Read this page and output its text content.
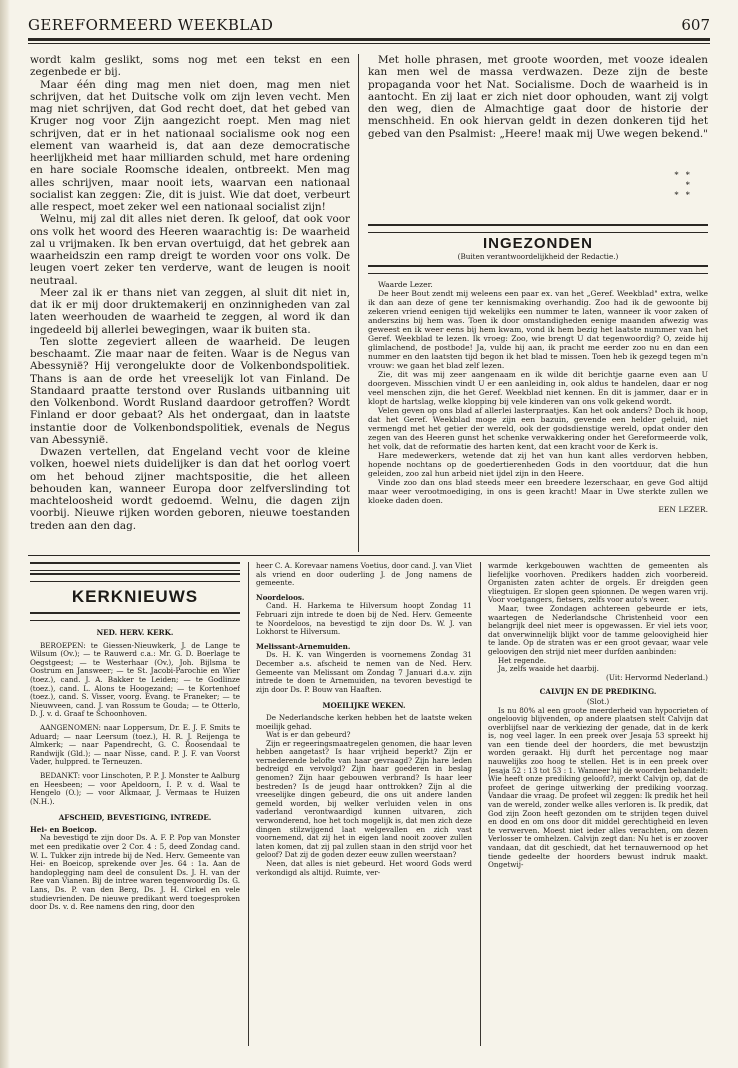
GEREFORMEERD WEEKBLAD	607

wordt kalm geslikt, soms nog met een tekst en een zegenbede er bij.

Maar één ding mag men niet doen, mag men niet schrijven, dat het Duitsche volk om zijn leven vecht. Men mag niet schrijven, dat God recht doet, dat het gebed van Kruger nog voor Zijn aangezicht roept. Men mag niet schrijven, dat er in het nationaal socialisme ook nog een element van waarheid is, dat aan deze democratische heerlijkheid met haar milliarden schuld, met hare ordening en hare sociale Roomsche idealen, ontbreekt. Men mag alles schrijven, maar nooit iets, waarvan een nationaal socialist kan zeggen: Zie, dit is juist. Wie dat doet, verbeurt alle respect, moet zeker wel een nationaal socialist zijn!

Welnu, mij zal dit alles niet deren. Ik geloof, dat ook voor ons volk het woord des Heeren waarachtig is: De waarheid zal u vrijmaken. Ik ben ervan overtuigd, dat het gebrek aan waarheidszin een ramp dreigt te worden voor ons volk. De leugen voert zeker ten verderve, want de leugen is nooit neutraal.

Meer zal ik er thans niet van zeggen, al sluit dit niet in, dat ik er mij door druktemakerij en onzinnigheden van zal laten weerhouden de waarheid te zeggen, al word ik dan ingedeeld bij allerlei bewegingen, waar ik buiten sta.

Ten slotte zegeviert alleen de waarheid. De leugen beschaamt. Zie maar naar de feiten. Waar is de Negus van Abessynië? Hij verongelukte door de Volkenbondspolitiek. Thans is aan de orde het vreeselijk lot van Finland. De Standaard praatte terstond over Ruslands uitbanning uit den Volkenbond. Wordt Rusland daardoor getroffen? Wordt Finland er door gebaat? Als het ondergaat, dan in laatste instantie door de Volkenbondspolitiek, evenals de Negus van Abessynië.

Dwazen vertellen, dat Engeland vecht voor de kleine volken, hoewel niets duidelijker is dan dat het oorlog voert om het behoud zijner machtspositie, die het alleen behouden kan, wanneer Europa door zelfverslinding tot machteloosheid wordt gedoemd. Welnu, die dagen zijn voorbij. Nieuwe rijken worden geboren, nieuwe toestanden treden aan den dag.

Met holle phrasen, met groote woorden, met vooze idealen kan men wel de massa verdwazen. Deze zijn de beste propaganda voor het Nat. Socialisme. Doch de waarheid is in aantocht. En zij laat er zich niet door ophouden, want zij volgt den weg, dien de Almachtige gaat door de historie der menschheid. En ook hiervan geldt in dezen donkeren tijd het gebed van den Psalmist: „Heere! maak mij Uwe wegen bekend."

*   *
*
*   *
INGEZONDEN
(Buiten verantwoordelijkheid der Redactie.)

Waarde Lezer.

De heer Bout zendt mij weleens een paar ex. van het „Geref. Weekblad" extra, welke ik dan aan deze of gene ter kennismaking overhandig. Zoo had ik de gewoonte bij zekeren vriend eenigen tijd wekelijks een nummer te laten, wanneer ik voor zaken of anderszins bij hem was. Toen ik door omstandigheden eenige maanden afwezig was geweest en ik weer eens bij hem kwam, vond ik hem bezig het laatste nummer van het Geref. Weekblad te lezen. Ik vroeg: Zoo, wie brengt U dat tegenwoordig? O, zeide hij glimlachend, de postbode! Ja, vulde hij aan, ik pracht me eerder zoo nu en dan een nummer en den laatsten tijd begon ik het blad te missen. Toen heb ik gezegd tegen m'n vrouw: we gaan het blad zelf lezen.

Zie, dit was mij zeer aangenaam en ik wilde dit berichtje gaarne even aan U doorgeven. Misschien vindt U er een aanleiding in, ook aldus te handelen, daar er nog veel menschen zijn, die het Geref. Weekblad niet kennen. En dit is jammer, daar er in klopt de hartslag, welke klopping bij vele kinderen van ons volk gekend wordt.

Velen geven op ons blad af allerlei lasterpraatjes. Kan het ook anders? Doch ik hoop, dat het Geref. Weekblad moge zijn een bazuin, gevende een helder geluid, niet vermengd met het getier der wereld, ook der godsdienstige wereld, opdat onder den zegen van des Heeren gunst het schenke verwakkering onder het Gereformeerde volk, het volk, dat de reformatie des harten kent, dat een kracht voor de Kerk is.

Hare medewerkers, wetende dat zij het van hun kant alles verdorven hebben, hopende nochtans op de goedertierenheden Gods in den voortduur, dat die hun geleiden, zoo zal hun arbeid niet ijdel zijn in den Heere.

Vinde zoo dan ons blad steeds meer een breedere lezerschaar, en geve God altijd maar weer verootmoediging, in ons is geen kracht! Maar in Uwe sterkte zullen we kloeke daden doen.

EEN LEZER.

KERKNIEUWS
NED. HERV. KERK.

BEROEPEN: te Giessen-Nieuwkerk, J. de Lange te Wilsum (Ov.); — te Rauwerd c.a.: Mr. G. D. Boerlage te Oegstgeest; — te Westerhaar (Ov.), Joh. Bijlsma te Oostrum en Jansweer; — te St. Jacobi-Parochie en Wier (toez.), cand. J. A. Bakker te Leiden; — te Godlinze (toez.), cand. L. Alons te Hoogezand; — te Kortenhoef (toez.), cand. S. Visser, voorg. Evang. te Franeker; — te Nieuwveen, cand. J. van Rossum te Gouda; — te Otterlo, D. J. v. d. Graaf te Schoonhoven.

AANGENOMEN: naar Loppersum, Dr. E. J. F. Smits te Aduard; — naar Leersum (toez.), H. R. J. Reijenga te Almkerk; — naar Papendrecht, G. C. Roosendaal te Randwijk (Gld.); — naar Nisse, cand. P. J. F. van Voorst Vader, hulppred. te Terneuzen.

BEDANKT: voor Linschoten, P. P. J. Monster te Aalburg en Heesbeen; — voor Apeldoorn, I. P. v. d. Waal te Hengelo (O.); — voor Alkmaar, J. Vermaas te Huizen (N.H.).

AFSCHEID, BEVESTIGING, INTREDE.

Hei- en Boeicop.

Na bevestigd te zijn door Ds. A. F. P. Pop van Monster met een predikatie over 2 Cor. 4 : 5, deed Zondag cand. W. L. Tukker zijn intrede bij de Ned. Herv. Gemeente van Hei- en Boeicop, sprekende over Jes. 64 : 1a. Aan de handoplegging nam deel de consulent Ds. J. H. van der Ree van Vianen. Bij de intree waren tegenwoordig Ds. G. Lans, Ds. P. van den Berg, Ds. J. H. Cirkel en vele studievrienden. De nieuwe predikant werd toegesproken door Ds. v. d. Ree namens den ring, door den

heer C. A. Korevaar namens Voetius, door cand. J. van Vliet als vriend en door ouderling J. de Jong namens de gemeente.

Noordeloos.

Cand. H. Harkema te Hilversum hoopt Zondag 11 Februari zijn intrede te doen bij de Ned. Herv. Gemeente te Noordeloos, na bevestigd te zijn door Ds. W. J. van Lokhorst te Hilversum.

Melissant-Arnemuiden.

Ds. H. K. van Wingerden is voornemens Zondag 31 December a.s. afscheid te nemen van de Ned. Herv. Gemeente van Melissant om Zondag 7 Januari d.a.v. zijn intrede te doen te Arnemuiden, na tevoren bevestigd te zijn door Ds. P. Bouw van Haaften.

MOEILIJKE WEKEN.

De Nederlandsche kerken hebben het de laatste weken moeilijk gehad.

Wat is er dan gebeurd?

Zijn er regeeringsmaatregelen genomen, die haar leven hebben aangetast? Is haar vrijheid beperkt? Zijn er vernederende belofte van haar gevraagd? Zijn hare leden bedreigd en vervolgd? Zijn haar goederen in beslag genomen? Zijn haar gebouwen verbrand? Is haar leer bestreden? Is de jeugd haar onttrokken? Zijn al die vreeselijke dingen gebeurd, die ons uit andere landen gemeld worden, bij welker verluiden velen in ons vaderland verontwaardigd kunnen uitvaren, zich verwonderend, hoe het toch mogelijk is, dat men zich deze dingen stilzwijgend laat welgevallen en zich vast voornemend, dat zij het in eigen land nooit zoover zullen laten komen, dat zij pal zullen staan in den strijd voor het geloof? Dat zij de goden dezer eeuw zullen weerstaan?

Neen, dat alles is niet gebeurd. Het woord Gods werd verkondigd als altijd. Ruimte, ver-

warmde kerkgebouwen wachtten de gemeenten als liefelijke voorhoven. Predikers hadden zich voorbereid. Organisten zaten achter de orgels. Er dreigden geen vliegtuigen. Er slopen geen spionnen. De wegen waren vrij. Voor voetgangers, fietsers, zelfs voor auto's weer.

Maar, twee Zondagen achtereen gebeurde er iets, waartegen de Nederlandsche Christenheid voor een belangrijk deel niet meer is opgewassen. Er viel iets voor, dat onverwinnelijk blijkt voor de tamme geloovigheid hier te lande. Op de straten was er een groot gevaar, waar vele geloovigen den strijd niet meer durfden aanbinden:

Het regende.

Ja, zelfs waaide het daarbij.

(Uit: Hervormd Nederland.)

CALVIJN EN DE PREDIKING.
(Slot.)

Is nu 80% al een groote meerderheid van hypocrieten of ongeloovig blijvenden, op andere plaatsen stelt Calvijn dat overblijfsel naar de verkiezing der genade, dat in de kerk is, nog veel lager. In een preek over Jesaja 53 spreekt hij van een tiende deel der hoorders, die met bewustzijn worden geraakt. Hij durft het percentage nog maar nauwelijks zoo hoog te stellen. Het is in een preek over Jesaja 52 : 13 tot 53 : 1. Wanneer hij de woorden behandelt: Wie heeft onze prediking geloofd?, merkt Calvijn op, dat de profeet de geringe uitwerking der prediking voorzag. Vandaar die vraag. De profeet wil zeggen: Ik predik het heil van de wereld, zonder welke alles verloren is. Ik predik, dat God zijn Zoon heeft gezonden om te strijden tegen duivel en dood en om ons door dit middel gerechtigheid en leven te verwerven. Moest niet ieder alles verachten, om dezen Verlosser te omhelzen. Calvijn zegt dan: Nu het is er zoover vandaan, dat dit geschiedt, dat het ternauwernood op het tiende gedeelte der hoorders bewust indruk maakt. Ongetwij-
